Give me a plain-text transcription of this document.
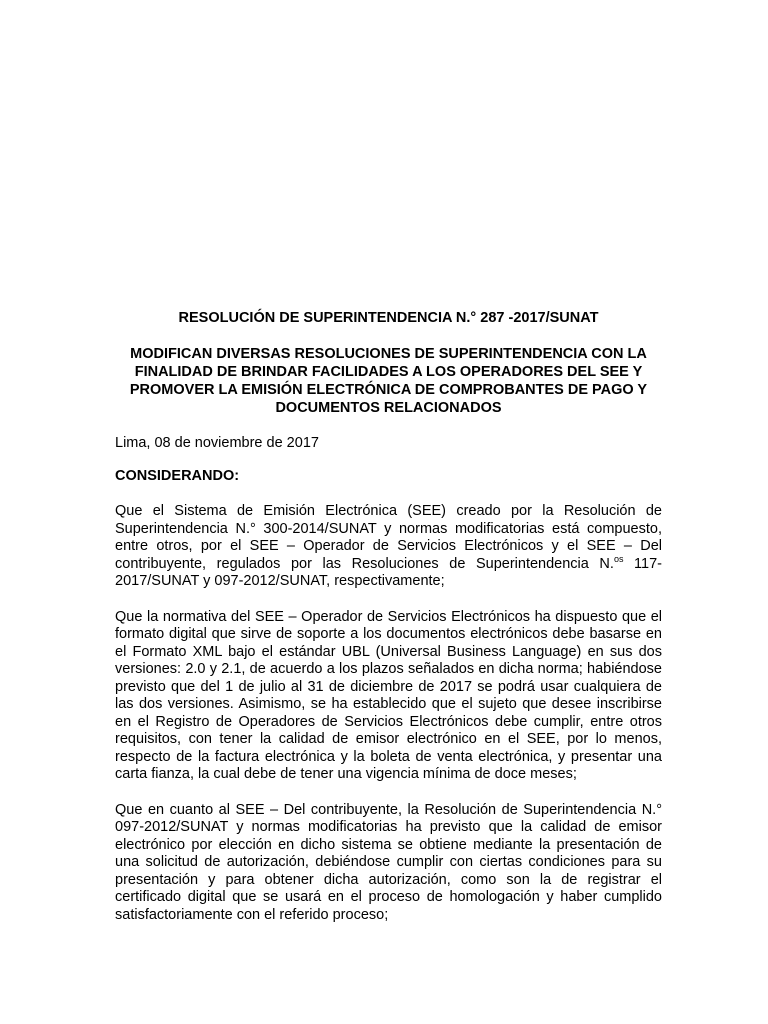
RESOLUCIÓN DE SUPERINTENDENCIA N.° 287 -2017/SUNAT

MODIFICAN DIVERSAS RESOLUCIONES DE SUPERINTENDENCIA CON LA FINALIDAD DE BRINDAR FACILIDADES A LOS OPERADORES DEL SEE Y PROMOVER LA EMISIÓN ELECTRÓNICA DE COMPROBANTES DE PAGO Y DOCUMENTOS RELACIONADOS

Lima, 08 de noviembre de 2017

CONSIDERANDO:

Que el Sistema de Emisión Electrónica (SEE) creado por la Resolución de Superintendencia N.° 300-2014/SUNAT y normas modificatorias está compuesto, entre otros, por el SEE – Operador de Servicios Electrónicos y el SEE – Del contribuyente, regulados por las Resoluciones de Superintendencia N.$^{os}$ 117-2017/SUNAT y 097-2012/SUNAT, respectivamente;

Que la normativa del SEE – Operador de Servicios Electrónicos ha dispuesto que el formato digital que sirve de soporte a los documentos electrónicos debe basarse en el Formato XML bajo el estándar UBL (Universal Business Language) en sus dos versiones: 2.0 y 2.1, de acuerdo a los plazos señalados en dicha norma; habiéndose previsto que del 1 de julio al 31 de diciembre de 2017 se podrá usar cualquiera de las dos versiones. Asimismo, se ha establecido que el sujeto que desee inscribirse en el Registro de Operadores de Servicios Electrónicos debe cumplir, entre otros requisitos, con tener la calidad de emisor electrónico en el SEE, por lo menos, respecto de la factura electrónica y la boleta de venta electrónica, y presentar una carta fianza, la cual debe de tener una vigencia mínima de doce meses;

Que en cuanto al SEE – Del contribuyente, la Resolución de Superintendencia N.° 097-2012/SUNAT y normas modificatorias ha previsto que la calidad de emisor electrónico por elección en dicho sistema se obtiene mediante la presentación de una solicitud de autorización, debiéndose cumplir con ciertas condiciones para su presentación y para obtener dicha autorización, como son la de registrar el certificado digital que se usará en el proceso de homologación y haber cumplido satisfactoriamente con el referido proceso;
